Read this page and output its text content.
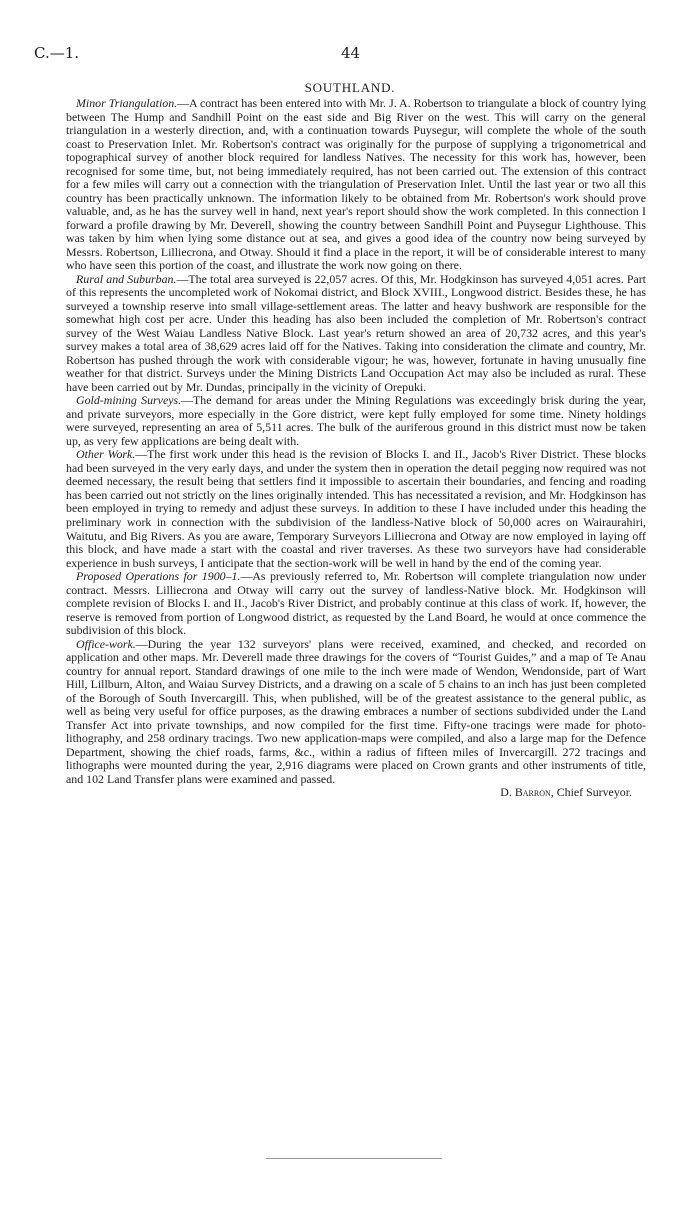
C.—1.	44
SOUTHLAND.

Minor Triangulation.—A contract has been entered into with Mr. J. A. Robertson to triangulate a block of country lying between The Hump and Sandhill Point on the east side and Big River on the west. This will carry on the general triangulation in a westerly direction, and, with a continuation towards Puysegur, will complete the whole of the south coast to Preservation Inlet. Mr. Robertson's contract was originally for the purpose of supplying a trigonometrical and topographical survey of another block required for landless Natives. The necessity for this work has, however, been recognised for some time, but, not being immediately required, has not been carried out. The extension of this contract for a few miles will carry out a connection with the triangulation of Preservation Inlet. Until the last year or two all this country has been practically unknown. The information likely to be obtained from Mr. Robertson's work should prove valuable, and, as he has the survey well in hand, next year's report should show the work completed. In this connection I forward a profile drawing by Mr. Deverell, showing the country between Sandhill Point and Puysegur Lighthouse. This was taken by him when lying some distance out at sea, and gives a good idea of the country now being surveyed by Messrs. Robertson, Lilliecrona, and Otway. Should it find a place in the report, it will be of considerable interest to many who have seen this portion of the coast, and illustrate the work now going on there.

Rural and Suburban.—The total area surveyed is 22,057 acres. Of this, Mr. Hodgkinson has surveyed 4,051 acres. Part of this represents the uncompleted work of Nokomai district, and Block XVIII., Longwood district. Besides these, he has surveyed a township reserve into small village-settlement areas. The latter and heavy bushwork are responsible for the somewhat high cost per acre. Under this heading has also been included the completion of Mr. Robertson's contract survey of the West Waiau Landless Native Block. Last year's return showed an area of 20,732 acres, and this year's survey makes a total area of 38,629 acres laid off for the Natives. Taking into consideration the climate and country, Mr. Robertson has pushed through the work with considerable vigour; he was, however, fortunate in having unusually fine weather for that district. Surveys under the Mining Districts Land Occupation Act may also be included as rural. These have been carried out by Mr. Dundas, principally in the vicinity of Orepuki.

Gold-mining Surveys.—The demand for areas under the Mining Regulations was exceedingly brisk during the year, and private surveyors, more especially in the Gore district, were kept fully employed for some time. Ninety holdings were surveyed, representing an area of 5,511 acres. The bulk of the auriferous ground in this district must now be taken up, as very few applications are being dealt with.

Other Work.—The first work under this head is the revision of Blocks I. and II., Jacob's River District. These blocks had been surveyed in the very early days, and under the system then in operation the detail pegging now required was not deemed necessary, the result being that settlers find it impossible to ascertain their boundaries, and fencing and roading has been carried out not strictly on the lines originally intended. This has necessitated a revision, and Mr. Hodgkinson has been employed in trying to remedy and adjust these surveys. In addition to these I have included under this heading the preliminary work in connection with the subdivision of the landless-Native block of 50,000 acres on Wairaurahiri, Waitutu, and Big Rivers. As you are aware, Temporary Surveyors Lilliecrona and Otway are now employed in laying off this block, and have made a start with the coastal and river traverses. As these two surveyors have had considerable experience in bush surveys, I anticipate that the section-work will be well in hand by the end of the coming year.

Proposed Operations for 1900–1.—As previously referred to, Mr. Robertson will complete triangulation now under contract. Messrs. Lilliecrona and Otway will carry out the survey of landless-Native block. Mr. Hodgkinson will complete revision of Blocks I. and II., Jacob's River District, and probably continue at this class of work. If, however, the reserve is removed from portion of Longwood district, as requested by the Land Board, he would at once commence the subdivision of this block.

Office-work.—During the year 132 surveyors' plans were received, examined, and checked, and recorded on application and other maps. Mr. Deverell made three drawings for the covers of “Tourist Guides,” and a map of Te Anau country for annual report. Standard drawings of one mile to the inch were made of Wendon, Wendonside, part of Wart Hill, Lillburn, Alton, and Waiau Survey Districts, and a drawing on a scale of 5 chains to an inch has just been completed of the Borough of South Invercargill. This, when published, will be of the greatest assistance to the general public, as well as being very useful for office purposes, as the drawing embraces a number of sections subdivided under the Land Transfer Act into private townships, and now compiled for the first time. Fifty-one tracings were made for photo-lithography, and 258 ordinary tracings. Two new application-maps were compiled, and also a large map for the Defence Department, showing the chief roads, farms, &c., within a radius of fifteen miles of Invercargill. 272 tracings and lithographs were mounted during the year, 2,916 diagrams were placed on Crown grants and other instruments of title, and 102 Land Transfer plans were examined and passed.

D. Barron, Chief Surveyor.
